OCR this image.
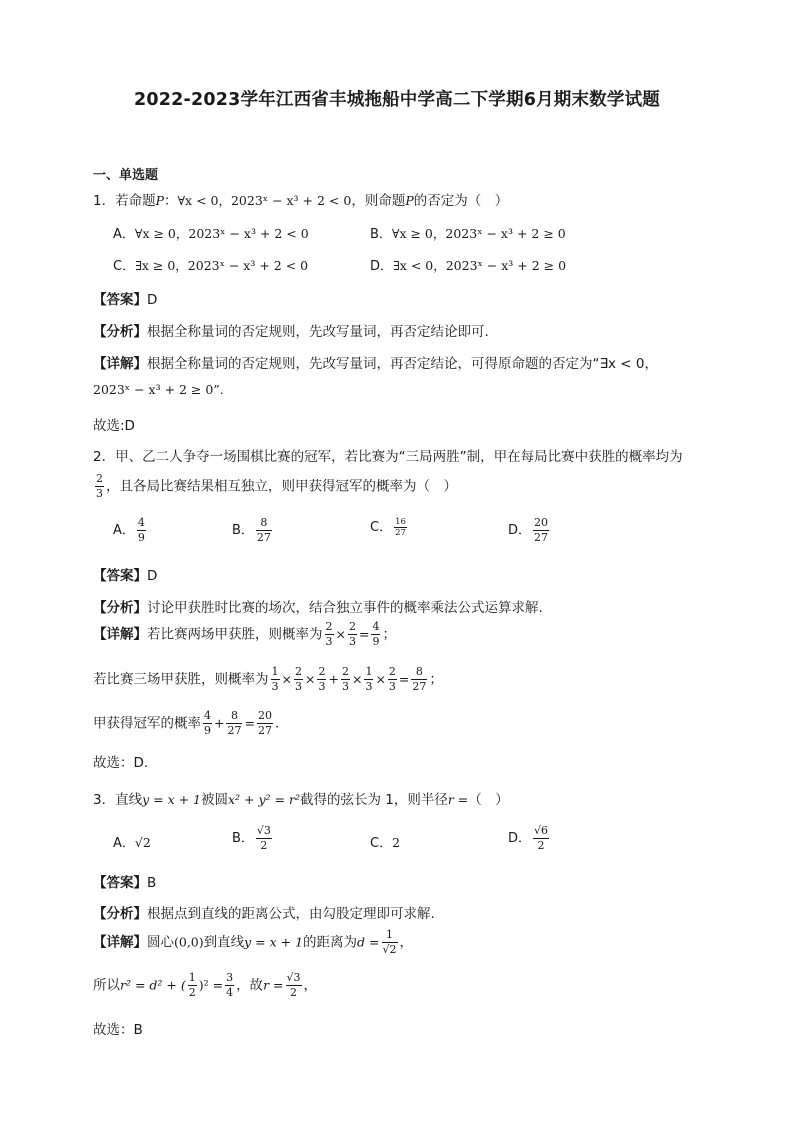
2022-2023学年江西省丰城拖船中学高二下学期6月期末数学试题
一、单选题
1．若命题P：∀x < 0，2023ˣ − x³ + 2 < 0，则命题P的否定为（　）
A．∀x ≥ 0，2023ˣ − x³ + 2 < 0	B．∀x ≥ 0，2023ˣ − x³ + 2 ≥ 0
C．∃x ≥ 0，2023ˣ − x³ + 2 < 0	D．∃x < 0，2023ˣ − x³ + 2 ≥ 0
【答案】D
【分析】根据全称量词的否定规则，先改写量词，再否定结论即可.
【详解】根据全称量词的否定规则，先改写量词，再否定结论，可得原命题的否定为“∃x < 0，
2023ˣ − x³ + 2 ≥ 0”.
故选:D
2．甲、乙二人争夺一场围棋比赛的冠军，若比赛为“三局两胜”制，甲在每局比赛中获胜的概率均为
$\frac{2}{3}$ ，且各局比赛结果相互独立，则甲获得冠军的概率为（　）
A． $\frac{4}{9}$	B． $\frac{8}{27}$	C． $\frac{16}{27}$	D． $\frac{20}{27}$
【答案】D
【分析】讨论甲获胜时比赛的场次，结合独立事件的概率乘法公式运算求解.
【详解】若比赛两场甲获胜，则概率为 $\frac{2}{3} \times \frac{2}{3} = \frac{4}{9}$ ；
若比赛三场甲获胜，则概率为 $\frac{1}{3} \times \frac{2}{3} \times \frac{2}{3} + \frac{2}{3} \times \frac{1}{3} \times \frac{2}{3} = \frac{8}{27}$ ；
甲获得冠军的概率 $\frac{4}{9} + \frac{8}{27} = \frac{20}{27}$ .
故选：D.
3．直线y = x + 1被圆x² + y² = r²截得的弦长为 1，则半径r =（　）
A．√2	B． $\frac{√3}{2}$	C．2	D． $\frac{√6}{2}$
【答案】B
【分析】根据点到直线的距离公式，由勾股定理即可求解.
【详解】圆心(0,0)到直线y = x + 1的距离为$d = \frac{1}{√2}$ ，
所以r² = d² + ( $\frac{1}{2} )^2 = \frac{3}{4}$ ，故$r = \frac{√3}{2}$ ，
故选：B
